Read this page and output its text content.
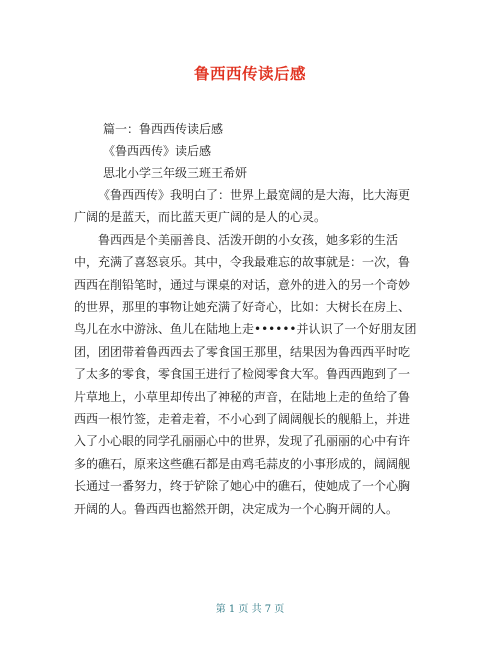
鲁西西传读后感
篇一：鲁西西传读后感
《鲁西西传》读后感
思北小学三年级三班王希妍

《鲁西西传》我明白了：世界上最宽阔的是大海，比大海更广阔的是蓝天，而比蓝天更广阔的是人的心灵。

鲁西西是个美丽善良、活泼开朗的小女孩，她多彩的生活中，充满了喜怒哀乐。其中，令我最难忘的故事就是：一次，鲁西西在削铅笔时，通过与课桌的对话，意外的进入的另一个奇妙的世界，那里的事物让她充满了好奇心，比如：大树长在房上、鸟儿在水中游泳、鱼儿在陆地上走••••••并认识了一个好朋友团团，团团带着鲁西西去了零食国王那里，结果因为鲁西西平时吃了太多的零食，零食国王进行了检阅零食大军。鲁西西跑到了一片草地上，小草里却传出了神秘的声音，在陆地上走的鱼给了鲁西西一根竹签，走着走着，不小心到了阔阔舰长的舰船上，并进入了小心眼的同学孔丽丽心中的世界，发现了孔丽丽的心中有许多的礁石，原来这些礁石都是由鸡毛蒜皮的小事形成的，阔阔舰长通过一番努力，终于铲除了她心中的礁石，使她成了一个心胸开阔的人。鲁西西也豁然开朗，决定成为一个心胸开阔的人。

第 1 页 共 7 页
